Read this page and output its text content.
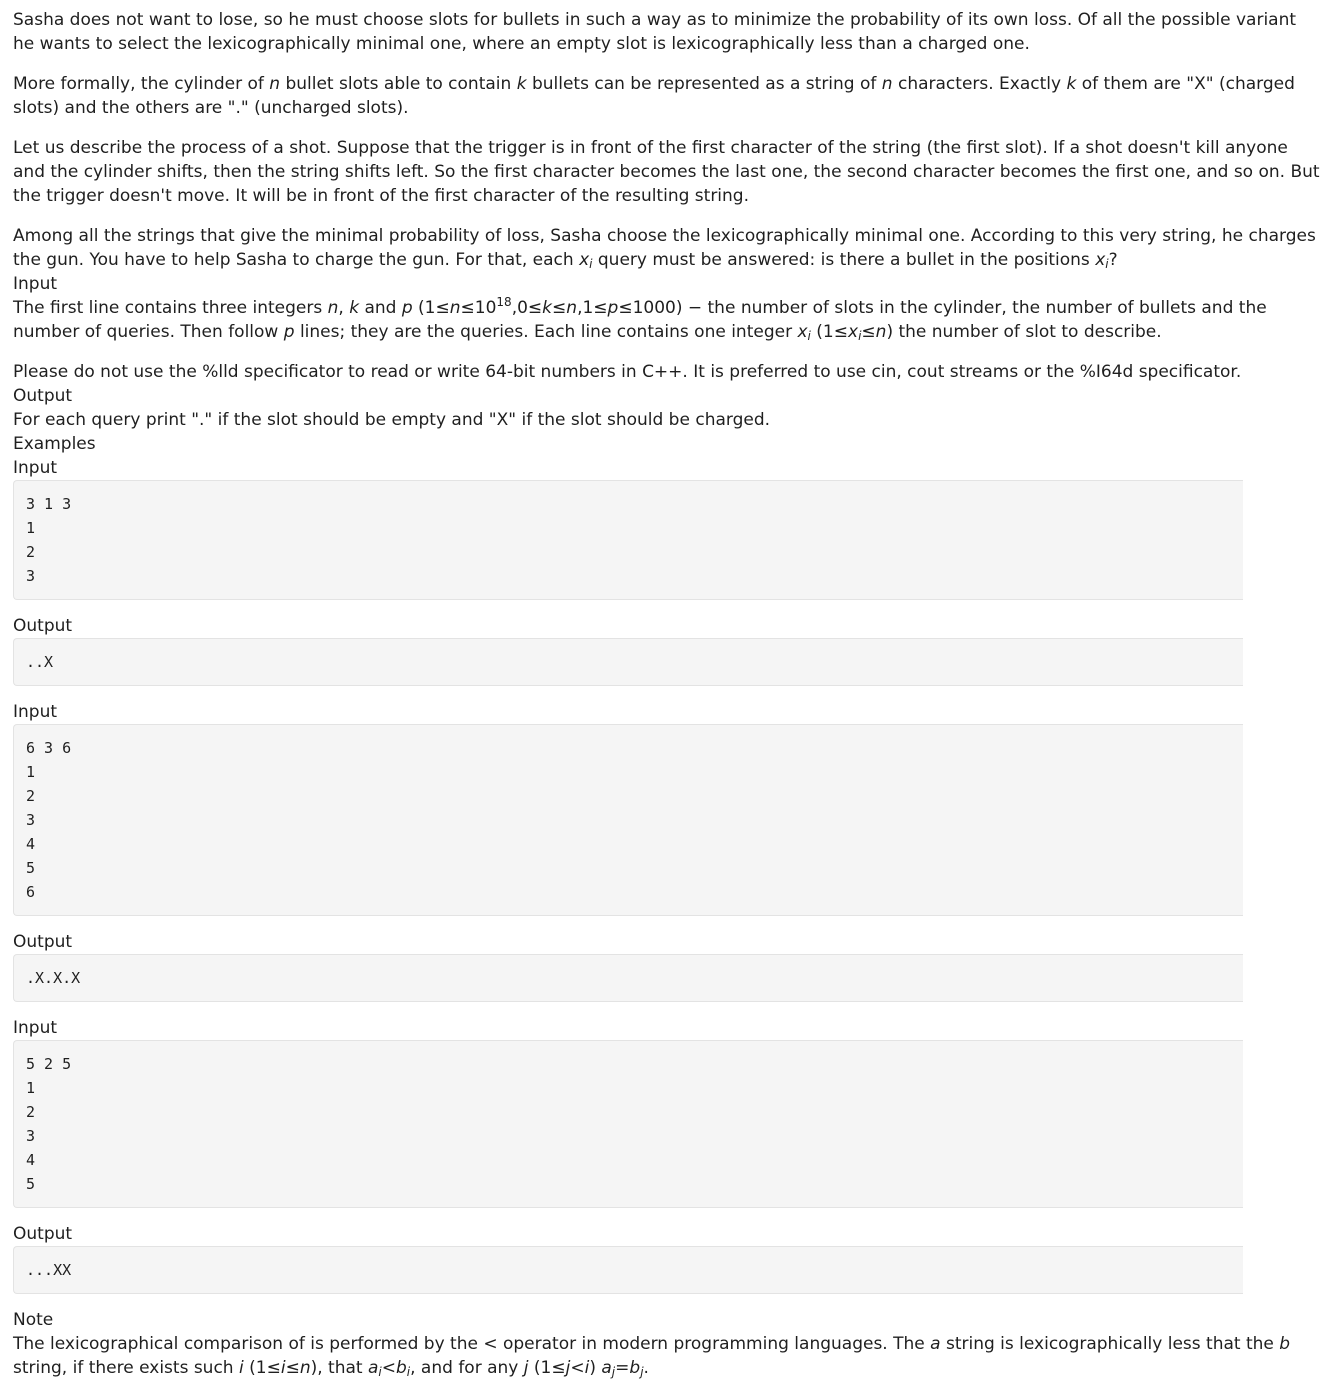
Sasha does not want to lose, so he must choose slots for bullets in such a way as to minimize the probability of its own loss. Of all the possible variant
he wants to select the lexicographically minimal one, where an empty slot is lexicographically less than a charged one.

More formally, the cylinder of n bullet slots able to contain k bullets can be represented as a string of n characters. Exactly k of them are "X" (charged
slots) and the others are "." (uncharged slots).

Let us describe the process of a shot. Suppose that the trigger is in front of the first character of the string (the first slot). If a shot doesn't kill anyone
and the cylinder shifts, then the string shifts left. So the first character becomes the last one, the second character becomes the first one, and so on. But
the trigger doesn't move. It will be in front of the first character of the resulting string.

Among all the strings that give the minimal probability of loss, Sasha choose the lexicographically minimal one. According to this very string, he charges
the gun. You have to help Sasha to charge the gun. For that, each $x_i$ query must be answered: is there a bullet in the positions $x_i$?

Input

The first line contains three integers n, k and p $(1\le n\le 10^{18},0\le k\le n,1\le p\le 1000)$ − the number of slots in the cylinder, the number of bullets and the
number of queries. Then follow p lines; they are the queries. Each line contains one integer $x_i$ $(1\le x_i\le n)$ the number of slot to describe.

Please do not use the %lld specificator to read or write 64-bit numbers in C++. It is preferred to use cin, cout streams or the %I64d specificator.

Output

For each query print "." if the slot should be empty and "X" if the slot should be charged.

Examples
Input
3 1 3
1
2
3
Output
..X
Input
6 3 6
1
2
3
4
5
6
Output
.X.X.X
Input
5 2 5
1
2
3
4
5
Output
...XX
Note

The lexicographical comparison of is performed by the < operator in modern programming languages. The a string is lexicographically less that the b
string, if there exists such i (1≤i≤n), that $a_i<b_i$, and for any j (1≤j<i) $a_j=b_j$.
